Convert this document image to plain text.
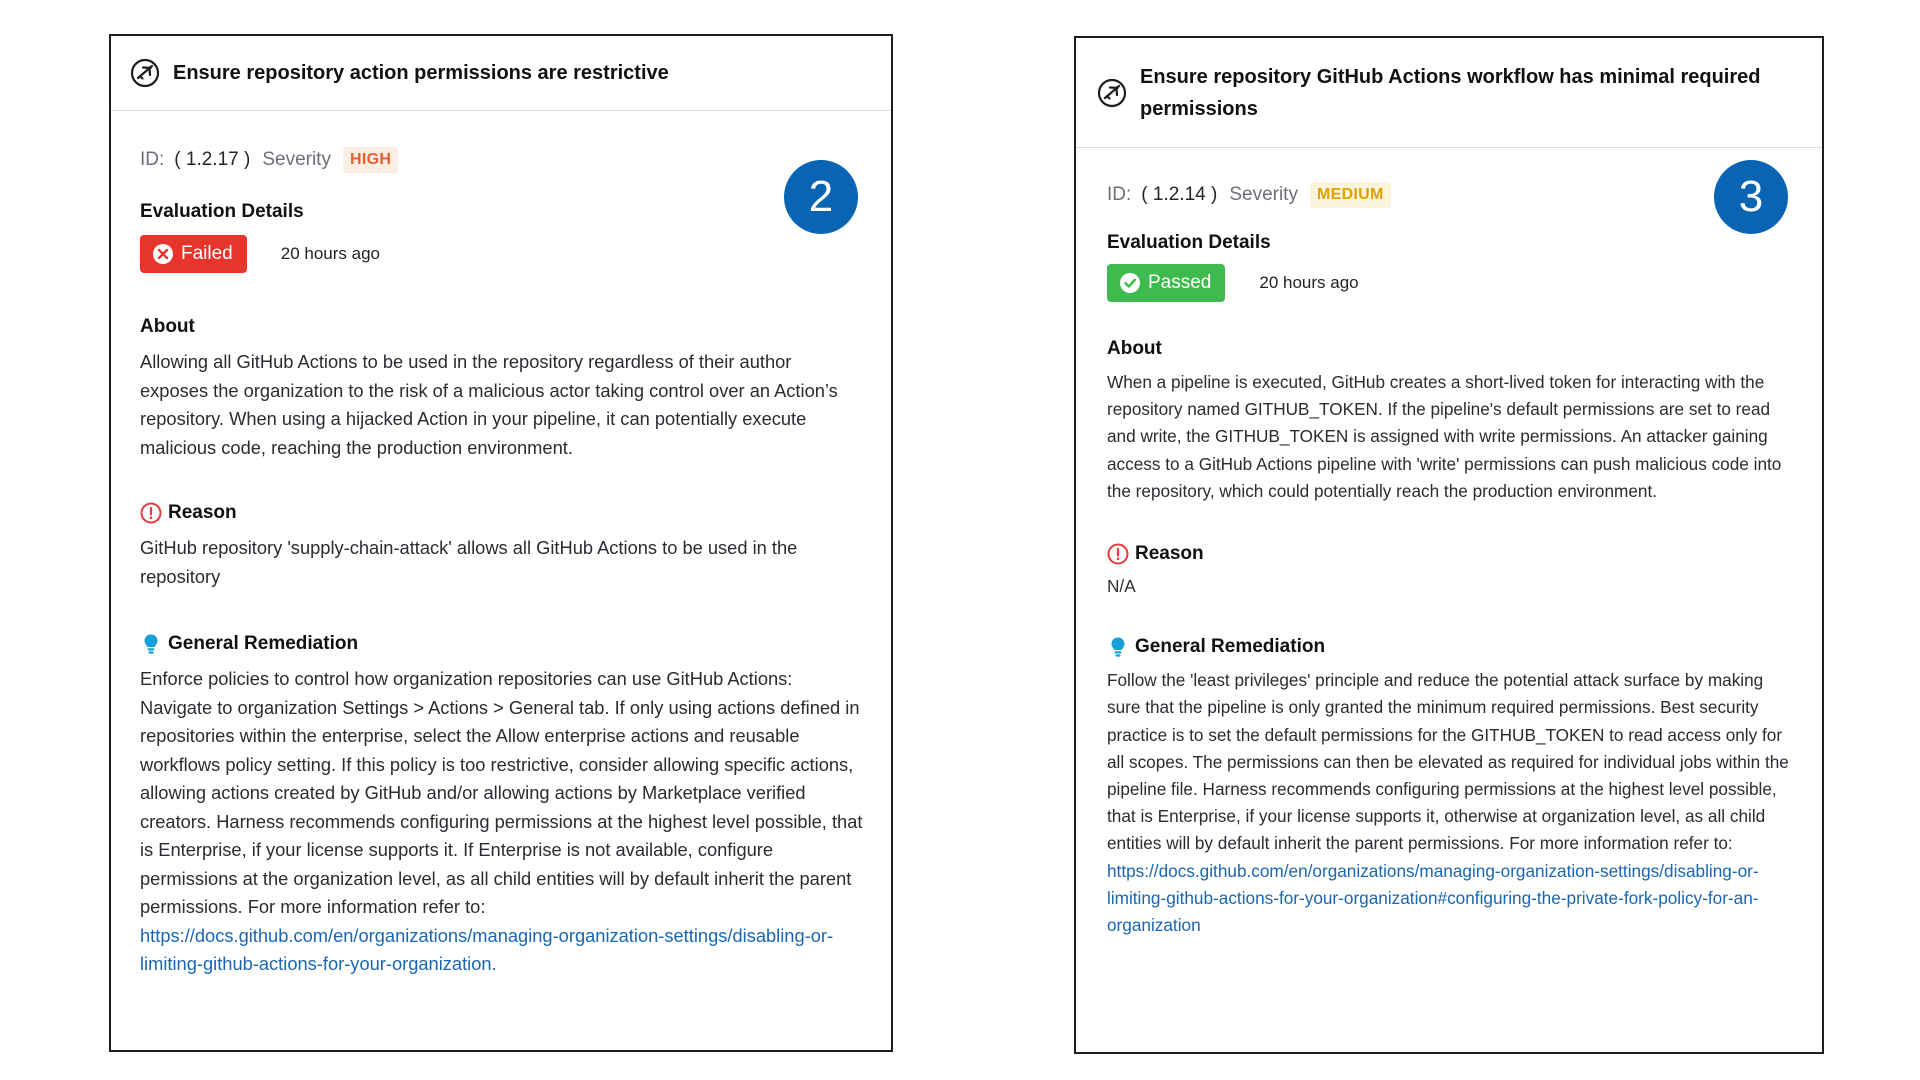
Ensure repository action permissions are restrictive
2
ID: ( 1.2.17 ) Severity	HIGH
Evaluation Details
Failed	20 hours ago
About

Allowing all GitHub Actions to be used in the repository regardless of their author exposes the organization to the risk of a malicious actor taking control over an Action’s repository. When using a hijacked Action in your pipeline, it can potentially execute malicious code, reaching the production environment.

Reason

GitHub repository 'supply-chain-attack' allows all GitHub Actions to be used in the repository

General Remediation

Enforce policies to control how organization repositories can use GitHub Actions: Navigate to organization Settings > Actions > General tab. If only using actions defined in repositories within the enterprise, select the Allow enterprise actions and reusable workflows policy setting. If this policy is too restrictive, consider allowing specific actions, allowing actions created by GitHub and/or allowing actions by Marketplace verified creators. Harness recommends configuring permissions at the highest level possible, that is Enterprise, if your license supports it. If Enterprise is not available, configure permissions at the organization level, as all child entities will by default inherit the parent permissions. For more information refer to: https://docs.github.com/en/organizations/managing-organization-settings/disabling-or-limiting-github-actions-for-your-organization.

Ensure repository GitHub Actions workflow has minimal required permissions
3
ID: ( 1.2.14 ) Severity	MEDIUM
Evaluation Details
Passed	20 hours ago
About

When a pipeline is executed, GitHub creates a short-lived token for interacting with the repository named GITHUB_TOKEN. If the pipeline's default permissions are set to read and write, the GITHUB_TOKEN is assigned with write permissions. An attacker gaining access to a GitHub Actions pipeline with 'write' permissions can push malicious code into the repository, which could potentially reach the production environment.

Reason

N/A

General Remediation

Follow the 'least privileges' principle and reduce the potential attack surface by making sure that the pipeline is only granted the minimum required permissions. Best security practice is to set the default permissions for the GITHUB_TOKEN to read access only for all scopes. The permissions can then be elevated as required for individual jobs within the pipeline file. Harness recommends configuring permissions at the highest level possible, that is Enterprise, if your license supports it, otherwise at organization level, as all child entities will by default inherit the parent permissions. For more information refer to: https://docs.github.com/en/organizations/managing-organization-settings/disabling-or-limiting-github-actions-for-your-organization#configuring-the-private-fork-policy-for-an-organization
